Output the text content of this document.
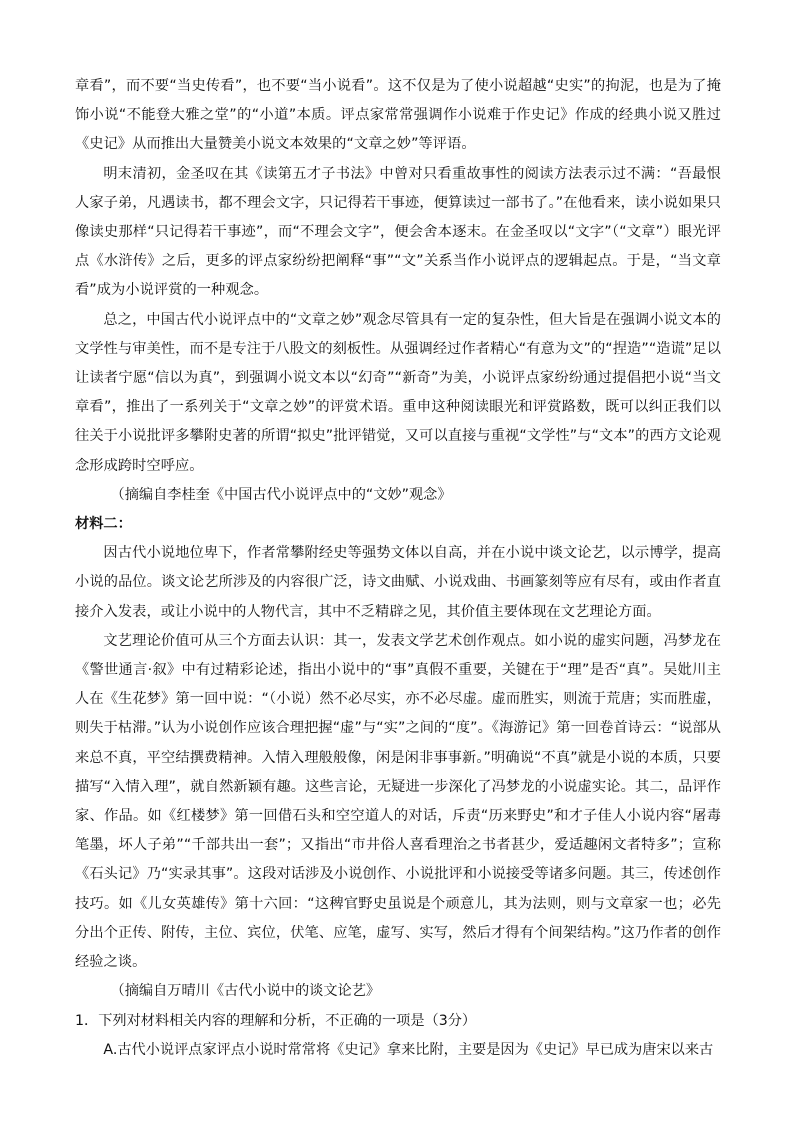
章看”，而不要“当史传看”，也不要“当小说看”。这不仅是为了使小说超越“史实”的拘泥，也是为了掩饰小说“不能登大雅之堂”的“小道”本质。评点家常常强调作小说难于作史记》作成的经典小说又胜过《史记》从而推出大量赞美小说文本效果的“文章之妙”等评语。

明末清初，金圣叹在其《读第五才子书法》中曾对只看重故事性的阅读方法表示过不满：“吾最恨人家子弟，凡遇读书，都不理会文字，只记得若干事迹，便算读过一部书了。”在他看来，读小说如果只像读史那样“只记得若干事迹”，而“不理会文字”，便会舍本逐末。在金圣叹以“文字”（“文章”）眼光评点《水浒传》之后，更多的评点家纷纷把阐释“事”“文”关系当作小说评点的逻辑起点。于是，“当文章看”成为小说评赏的一种观念。

总之，中国古代小说评点中的“文章之妙”观念尽管具有一定的复杂性，但大旨是在强调小说文本的文学性与审美性，而不是专注于八股文的刻板性。从强调经过作者精心“有意为文”的“捏造”“造谎”足以让读者宁愿“信以为真”，到强调小说文本以“幻奇”“新奇”为美，小说评点家纷纷通过提倡把小说“当文章看”，推出了一系列关于“文章之妙”的评赏术语。重申这种阅读眼光和评赏路数，既可以纠正我们以往关于小说批评多攀附史著的所谓“拟史”批评错觉，又可以直接与重视“文学性”与“文本”的西方文论观念形成跨时空呼应。

（摘编自李桂奎《中国古代小说评点中的“文妙”观念》

材料二：

因古代小说地位卑下，作者常攀附经史等强势文体以自高，并在小说中谈文论艺，以示博学，提高小说的品位。谈文论艺所涉及的内容很广泛，诗文曲赋、小说戏曲、书画篆刻等应有尽有，或由作者直接介入发表，或让小说中的人物代言，其中不乏精辟之见，其价值主要体现在文艺理论方面。

文艺理论价值可从三个方面去认识：其一，发表文学艺术创作观点。如小说的虚实问题，冯梦龙在《警世通言·叙》中有过精彩论述，指出小说中的“事”真假不重要，关键在于“理”是否“真”。吴妣川主人在《生花梦》第一回中说：“（小说）然不必尽实，亦不必尽虚。虚而胜实，则流于荒唐；实而胜虚，则失于枯滞。”认为小说创作应该合理把握“虚”与“实”之间的“度”。《海游记》第一回卷首诗云：“说部从来总不真，平空结撰费精神。入情入理般般像，闲是闲非事事新。”明确说“不真”就是小说的本质，只要描写“入情入理”，就自然新颖有趣。这些言论，无疑进一步深化了冯梦龙的小说虚实论。其二，品评作家、作品。如《红楼梦》第一回借石头和空空道人的对话，斥责“历来野史”和才子佳人小说内容“屠毒笔墨，坏人子弟”“千部共出一套”；又指出“市井俗人喜看理治之书者甚少，爱适趣闲文者特多”；宣称《石头记》乃“实录其事”。这段对话涉及小说创作、小说批评和小说接受等诸多问题。其三，传述创作技巧。如《儿女英雄传》第十六回：“这稗官野史虽说是个顽意儿，其为法则，则与文章家一也；必先分出个正传、附传，主位、宾位，伏笔、应笔，虚写、实写，然后才得有个间架结构。”这乃作者的创作经验之谈。

（摘编自万晴川《古代小说中的谈文论艺》

1．下列对材料相关内容的理解和分析，不正确的一项是（3分）

A.古代小说评点家评点小说时常常将《史记》拿来比附，主要是因为《史记》早已成为唐宋以来古
